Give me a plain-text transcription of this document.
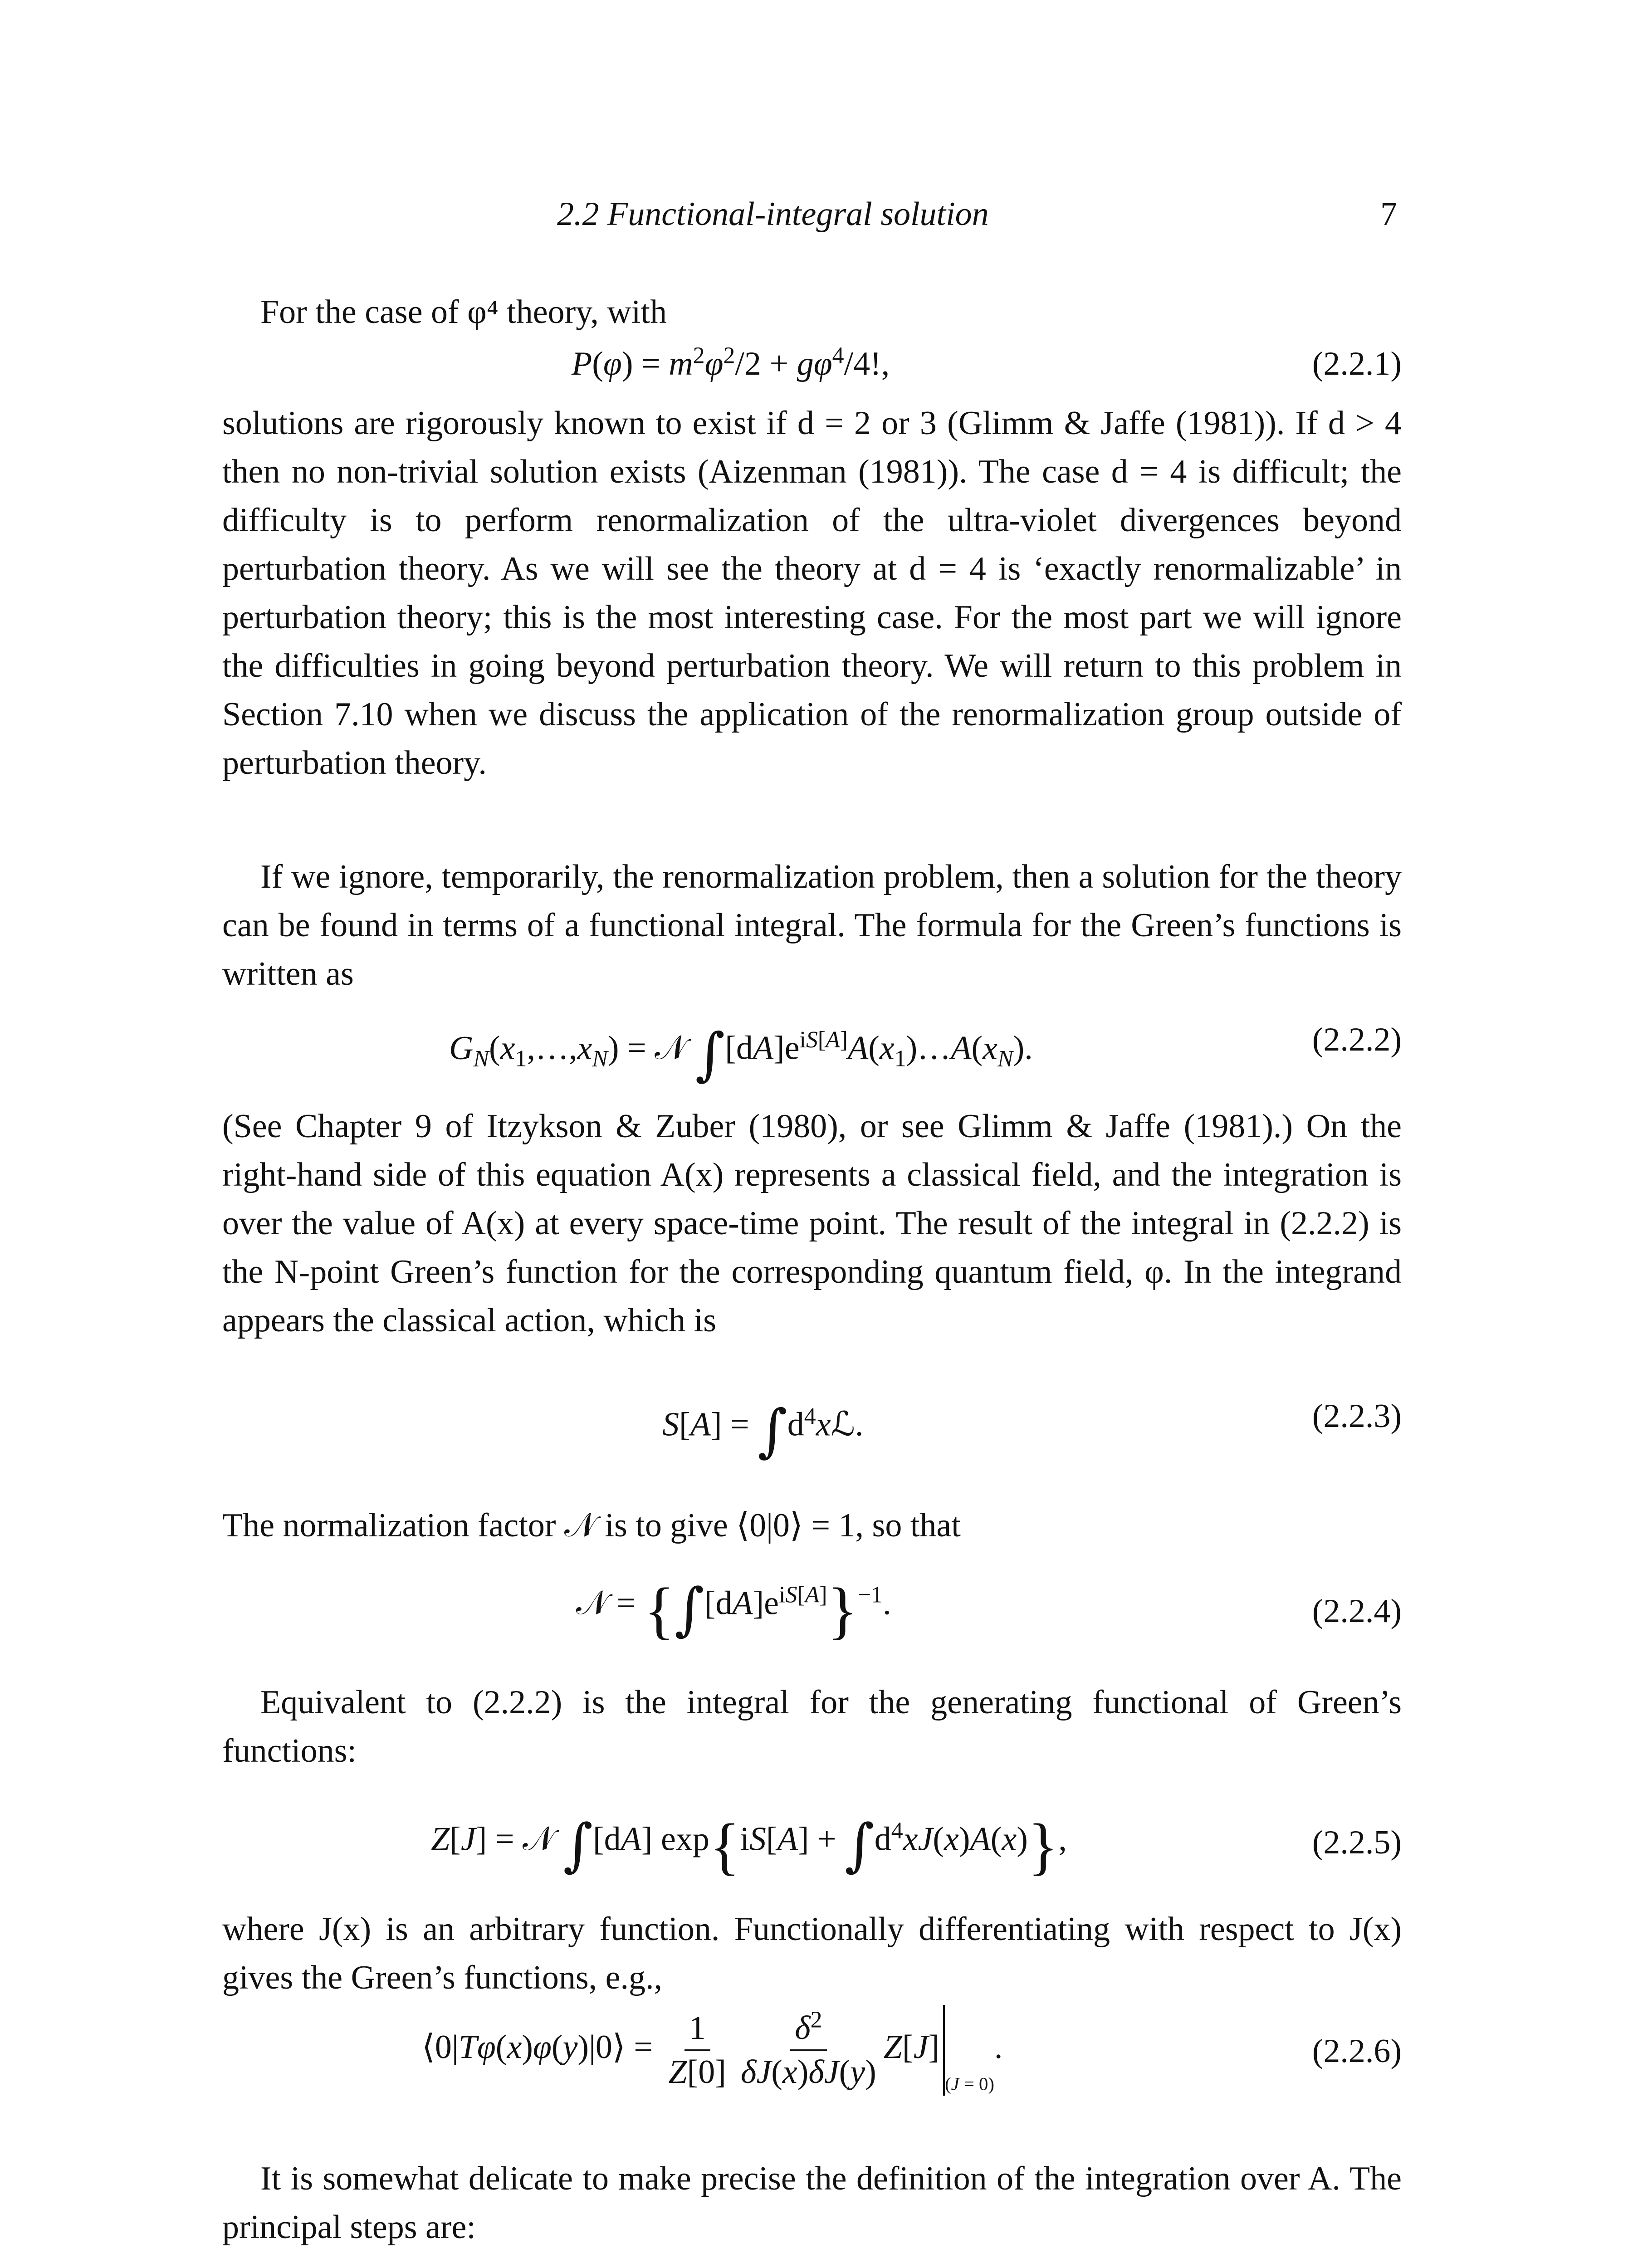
2.2 Functional-integral solution	7

For the case of φ⁴ theory, with

$P(\varphi) = m^2\varphi^2/2 + g\varphi^4/4$!,	(2.2.1)

solutions are rigorously known to exist if d = 2 or 3 (Glimm & Jaffe (1981)). If d > 4 then no non-trivial solution exists (Aizenman (1981)). The case d = 4 is difficult; the difficulty is to perform renormalization of the ultra-violet divergences beyond perturbation theory. As we will see the theory at d = 4 is ‘exactly renormalizable’ in perturbation theory; this is the most interesting case. For the most part we will ignore the difficulties in going beyond perturbation theory. We will return to this problem in Section 7.10 when we discuss the application of the renormalization group outside of perturbation theory.

If we ignore, temporarily, the renormalization problem, then a solution for the theory can be found in terms of a functional integral. The formula for the Green’s functions is written as

$G_N(x_1,\dots,x_N)$ = 𝒩 $\int[dA]e^{iS[A]}A(x_1)\dots A(x_N)$.	(2.2.2)

(See Chapter 9 of Itzykson & Zuber (1980), or see Glimm & Jaffe (1981).) On the right-hand side of this equation A(x) represents a classical field, and the integration is over the value of A(x) at every space-time point. The result of the integral in (2.2.2) is the N-point Green’s function for the corresponding quantum field, φ. In the integrand appears the classical action, which is

$S[A] = \int d^4xℒ$.	(2.2.3)

The normalization factor 𝒩 is to give ⟨0|0⟩ = 1, so that

𝒩 = $\{\int[dA]e^{iS[A]}\}^{-1}$.	(2.2.4)

Equivalent to (2.2.2) is the integral for the generating functional of Green’s functions:

Z[J] = 𝒩 ∫[dA] $\exp\{iS[A] + \int d^4xJ(x)A(x)\}$,	(2.2.5)

where J(x) is an arbitrary function. Functionally differentiating with respect to J(x) gives the Green’s functions, e.g.,

⟨0|Tφ(x)φ(y)|0⟩ = $\frac{1}{Z[0]} \frac{\delta^2}{\delta J(x)\delta J(y)} Z[J]_{(J = 0)}$.	(2.2.6)

It is somewhat delicate to make precise the definition of the integration over A. The principal steps are:
